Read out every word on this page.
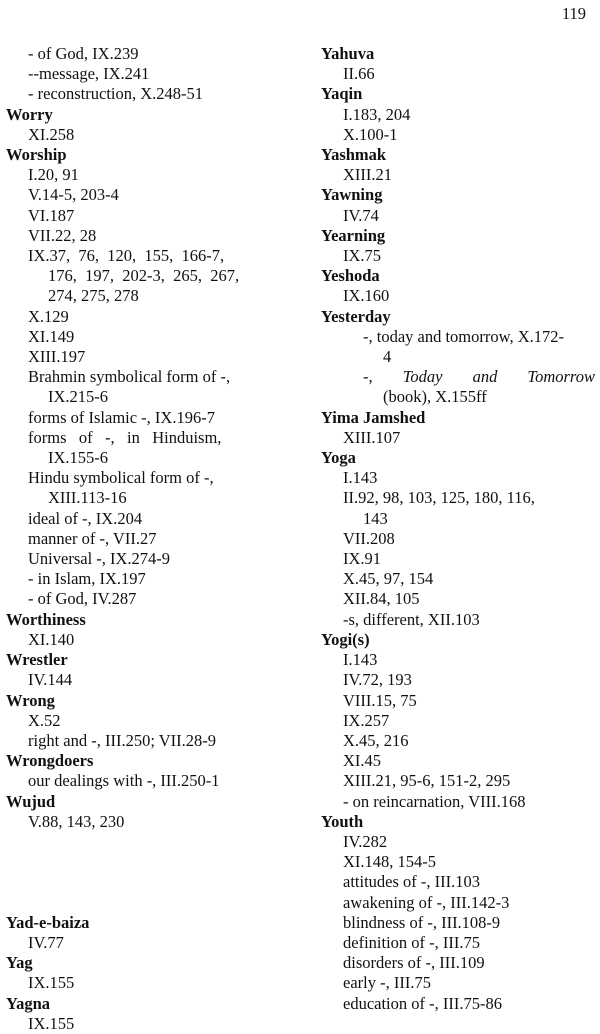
119
- of God, IX.239
--message, IX.241
- reconstruction, X.248-51
Worry
XI.258
Worship
I.20, 91
V.14-5, 203-4
VI.187
VII.22, 28
IX.37,  76,  120,  155,  166-7,
176,  197,  202-3,  265,  267,
274, 275, 278
X.129
XI.149
XIII.197
Brahmin symbolical form of -,
IX.215-6
forms of Islamic -, IX.196-7
forms   of   -,   in   Hinduism,
IX.155-6
Hindu symbolical form of -,
XIII.113-16
ideal of -, IX.204
manner of -, VII.27
Universal -, IX.274-9
- in Islam, IX.197
- of God, IV.287
Worthiness
XI.140
Wrestler
IV.144
Wrong
X.52
right and -, III.250; VII.28-9
Wrongdoers
our dealings with -, III.250-1
Wujud
V.88, 143, 230
Yad-e-baiza
IV.77
Yag
IX.155
Yagna
IX.155
Yahuva
II.66
Yaqin
I.183, 204
X.100-1
Yashmak
XIII.21
Yawning
IV.74
Yearning
IX.75
Yeshoda
IX.160
Yesterday
-, today and tomorrow, X.172-
4
-, Today and Tomorrow
(book), X.155ff
Yima Jamshed
XIII.107
Yoga
I.143
II.92, 98, 103, 125, 180, 116,
143
VII.208
IX.91
X.45, 97, 154
XII.84, 105
-s, different, XII.103
Yogi(s)
I.143
IV.72, 193
VIII.15, 75
IX.257
X.45, 216
XI.45
XIII.21, 95-6, 151-2, 295
- on reincarnation, VIII.168
Youth
IV.282
XI.148, 154-5
attitudes of -, III.103
awakening of -, III.142-3
blindness of -, III.108-9
definition of -, III.75
disorders of -, III.109
early -, III.75
education of -, III.75-86
